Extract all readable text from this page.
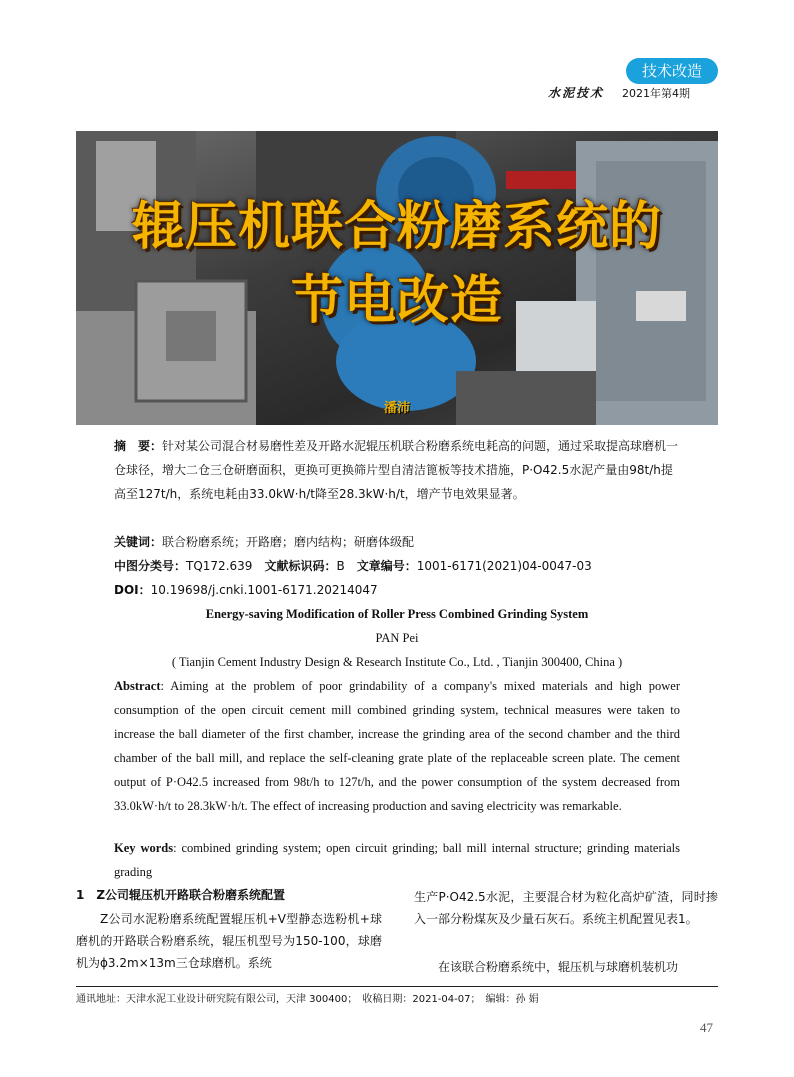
技术改造
水泥技术 2021年第4期
辊压机联合粉磨系统的
节电改造
潘沛
摘　要：针对某公司混合材易磨性差及开路水泥辊压机联合粉磨系统电耗高的问题，通过采取提高球磨机一仓球径，增大二仓三仓研磨面积，更换可更换筛片型自清洁篦板等技术措施，P·O42.5水泥产量由98t/h提高至127t/h，系统电耗由33.0kW·h/t降至28.3kW·h/t，增产节电效果显著。
关键词：联合粉磨系统；开路磨；磨内结构；研磨体级配
中图分类号：TQ172.639　 文献标识码：B　 文章编号：1001-6171(2021)04-0047-03
DOI：10.19698/j.cnki.1001-6171.20214047
Energy-saving Modification of Roller Press Combined Grinding System
PAN Pei
( Tianjin Cement Industry Design & Research Institute Co., Ltd. , Tianjin 300400, China )
Abstract: Aiming at the problem of poor grindability of a company's mixed materials and high power consumption of the open circuit cement mill combined grinding system, technical measures were taken to increase the ball diameter of the first chamber, increase the grinding area of the second chamber and the third chamber of the ball mill, and replace the self-cleaning grate plate of the replaceable screen plate. The cement output of P·O42.5 increased from 98t/h to 127t/h, and the power consumption of the system decreased from 33.0kW·h/t to 28.3kW·h/t. The effect of increasing production and saving electricity was remarkable.
Key words: combined grinding system; open circuit grinding; ball mill internal structure; grinding materials grading
1　Z公司辊压机开路联合粉磨系统配置
Z公司水泥粉磨系统配置辊压机+V型静态选粉机+球磨机的开路联合粉磨系统，辊压机型号为150-100，球磨机为ϕ3.2m×13m三仓球磨机。系统
生产P·O42.5水泥，主要混合材为粒化高炉矿渣，同时掺入一部分粉煤灰及少量石灰石。系统主机配置见表1。
在该联合粉磨系统中，辊压机与球磨机装机功
通讯地址：天津水泥工业设计研究院有限公司，天津 300400；　收稿日期：2021-04-07；　编辑：孙 娟
47
